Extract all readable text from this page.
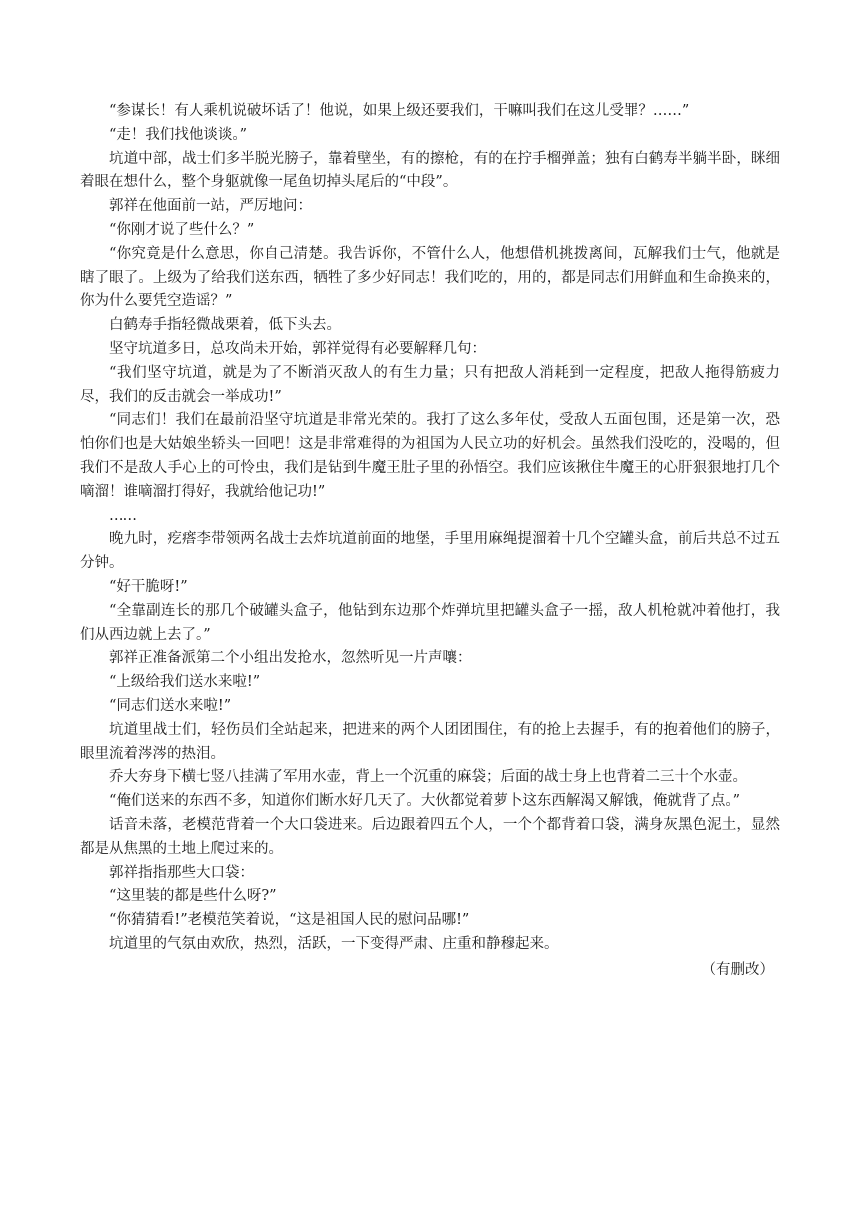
“参谋长！有人乘机说破坏话了！他说，如果上级还要我们，干嘛叫我们在这儿受罪？……”

“走！我们找他谈谈。”

坑道中部，战士们多半脱光膀子，靠着壁坐，有的擦枪，有的在拧手榴弹盖；独有白鹤寿半躺半卧，眯细着眼在想什么，整个身躯就像一尾鱼切掉头尾后的“中段”。

郭祥在他面前一站，严厉地问：

“你刚才说了些什么？”

“你究竟是什么意思，你自己清楚。我告诉你，不管什么人，他想借机挑拨离间，瓦解我们士气，他就是瞎了眼了。上级为了给我们送东西，牺牲了多少好同志！我们吃的，用的，都是同志们用鲜血和生命换来的，你为什么要凭空造谣？”

白鹤寿手指轻微战栗着，低下头去。

坚守坑道多日，总攻尚未开始，郭祥觉得有必要解释几句：

“我们坚守坑道，就是为了不断消灭敌人的有生力量；只有把敌人消耗到一定程度，把敌人拖得筋疲力尽，我们的反击就会一举成功!”

“同志们！我们在最前沿坚守坑道是非常光荣的。我打了这么多年仗，受敌人五面包围，还是第一次，恐怕你们也是大姑娘坐轿头一回吧！这是非常难得的为祖国为人民立功的好机会。虽然我们没吃的，没喝的，但我们不是敌人手心上的可怜虫，我们是钻到牛魔王肚子里的孙悟空。我们应该揪住牛魔王的心肝狠狠地打几个嘀溜！谁嘀溜打得好，我就给他记功!”

……

晚九时，疙瘩李带领两名战士去炸坑道前面的地堡，手里用麻绳提溜着十几个空罐头盒，前后共总不过五分钟。

“好干脆呀!”

“全靠副连长的那几个破罐头盒子，他钻到东边那个炸弹坑里把罐头盒子一摇，敌人机枪就冲着他打，我们从西边就上去了。”

郭祥正准备派第二个小组出发抢水，忽然听见一片声嚷：

“上级给我们送水来啦!”

“同志们送水来啦!”

坑道里战士们，轻伤员们全站起来，把进来的两个人团团围住，有的抢上去握手，有的抱着他们的膀子，眼里流着涔涔的热泪。

乔大夯身下横七竖八挂满了军用水壶，背上一个沉重的麻袋；后面的战士身上也背着二三十个水壶。

“俺们送来的东西不多，知道你们断水好几天了。大伙都觉着萝卜这东西解渴又解饿，俺就背了点。”

话音未落，老模范背着一个大口袋进来。后边跟着四五个人，一个个都背着口袋，满身灰黑色泥土，显然都是从焦黑的土地上爬过来的。

郭祥指指那些大口袋：

“这里装的都是些什么呀?”

“你猜猜看!”老模范笑着说，“这是祖国人民的慰问品哪!”

坑道里的气氛由欢欣，热烈，活跃，一下变得严肃、庄重和静穆起来。

（有删改）
